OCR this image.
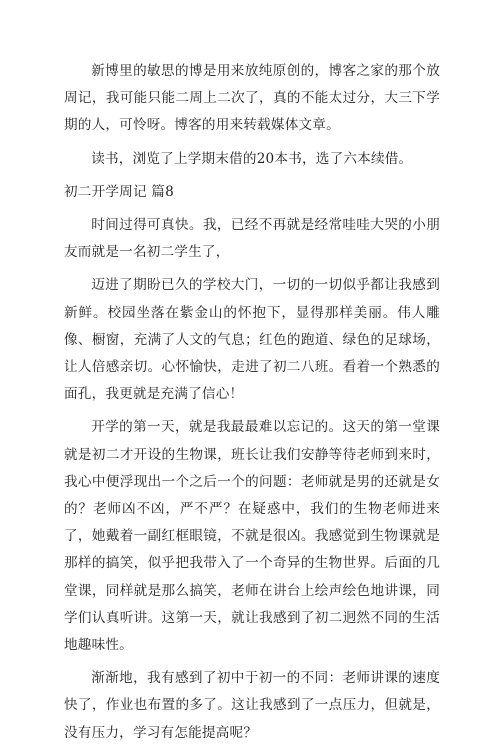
新博里的敏思的博是用来放纯原创的，博客之家的那个放周记，我可能只能二周上二次了，真的不能太过分，大三下学期的人，可怜呀。博客的用来转载媒体文章。

读书，浏览了上学期末借的20本书，选了六本续借。

初二开学周记 篇8

时间过得可真快。我，已经不再就是经常哇哇大哭的小朋友而就是一名初二学生了，

迈进了期盼已久的学校大门，一切的一切似乎都让我感到新鲜。校园坐落在紫金山的怀抱下，显得那样美丽。伟人雕像、橱窗，充满了人文的气息；红色的跑道、绿色的足球场，让人倍感亲切。心怀愉快，走进了初二八班。看着一个熟悉的面孔，我更就是充满了信心！

开学的第一天，就是我最最难以忘记的。这天的第一堂课就是初二才开设的生物课，班长让我们安静等待老师到来时，我心中便浮现出一个之后一个的问题：老师就是男的还就是女的？老师凶不凶，严不严？在疑惑中，我们的生物老师进来了，她戴着一副红框眼镜，不就是很凶。我感觉到生物课就是那样的搞笑，似乎把我带入了一个奇异的生物世界。后面的几堂课，同样就是那么搞笑，老师在讲台上绘声绘色地讲课，同学们认真听讲。这第一天，就让我感到了初二迥然不同的生活地趣味性。

渐渐地，我有感到了初中于初一的不同：老师讲课的速度快了，作业也布置的多了。这让我感到了一点压力，但就是，没有压力，学习有怎能提高呢？
